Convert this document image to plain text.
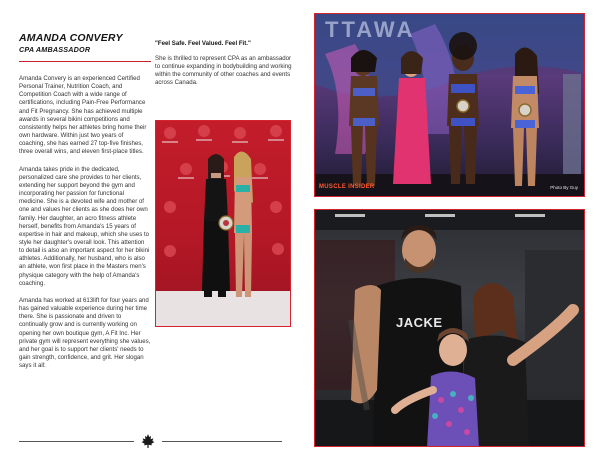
AMANDA CONVERY
CPA AMBASSADOR

Amanda Convery is an experienced Certified Personal Trainer, Nutrition Coach, and Competition Coach with a wide range of certifications, including Pain-Free Performance and Fit Pregnancy. She has achieved multiple awards in several bikini competitions and consistently helps her athletes bring home their own hardware. Within just two years of coaching, she has earned 27 top-five finishes, three overall wins, and eleven first-place titles.

Amanda takes pride in the dedicated, personalized care she provides to her clients, extending her support beyond the gym and incorporating her passion for functional medicine. She is a devoted wife and mother of one and values her clients as she does her own family. Her daughter, an acro fitness athlete herself, benefits from Amanda's 15 years of expertise in hair and makeup, which she uses to style her daughter's overall look. This attention to detail is also an important aspect for her bikini athletes. Additionally, her husband, who is also an athlete, won first place in the Masters men's physique category with the help of Amanda's coaching.

Amanda has worked at 613lift for four years and has gained valuable experience during her time there. She is passionate and driven to continually grow and is currently working on opening her own boutique gym, A Fit Inc. Her private gym will represent everything she values, and her goal is to support her clients' needs to gain strength, confidence, and grit. Her slogan says it all:

"Feel Safe. Feel Valued. Feel Fit."

She is thrilled to represent CPA as an ambassador to continue expanding in bodybuilding and working within the community of other coaches and events across Canada.

TTAWA
MUSCLE INSIDER	Photo By Guy
JACKE
